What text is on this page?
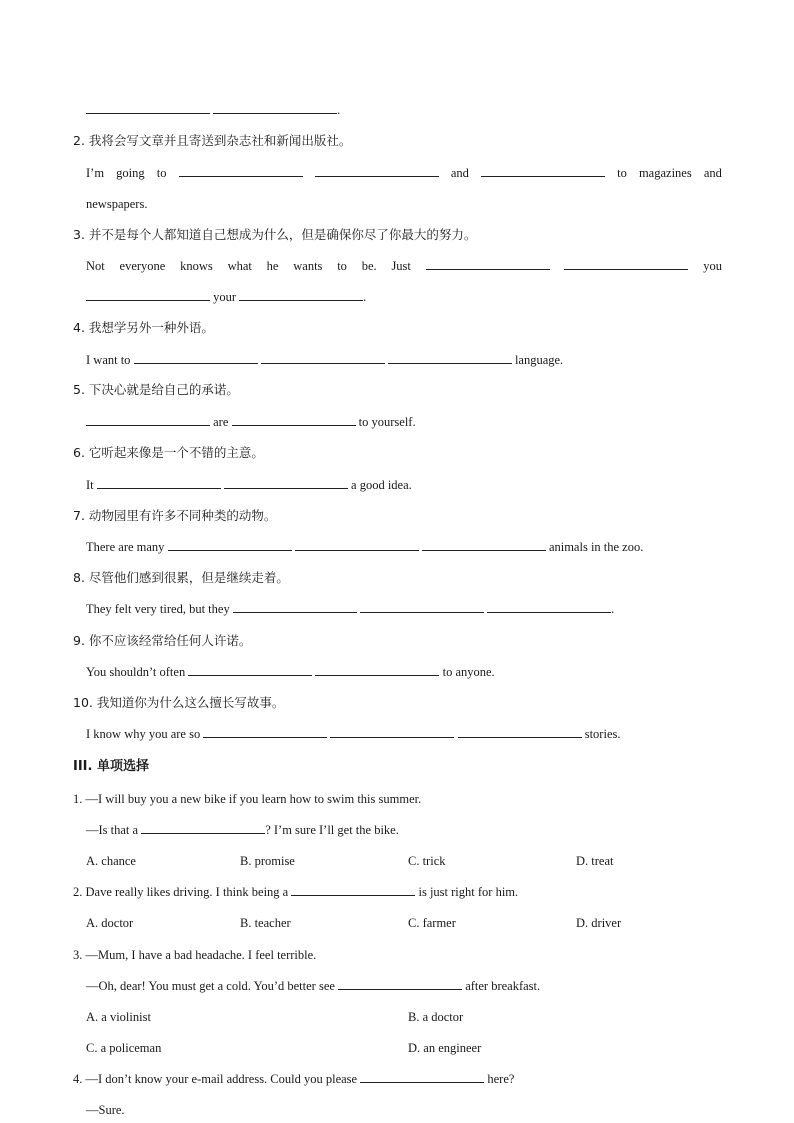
.
2. 我将会写文章并且寄送到杂志社和新闻出版社。
I’m going to	and	to magazines and
newspapers.
3. 并不是每个人都知道自己想成为什么，但是确保你尽了你最大的努力。
Not everyone knows what he wants to be. Just	you
your	.
4. 我想学另外一种外语。
I want to	language.
5. 下决心就是给自己的承诺。
are	to yourself.
6. 它听起来像是一个不错的主意。
It	a good idea.
7. 动物园里有许多不同种类的动物。
There are many	animals in the zoo.
8. 尽管他们感到很累，但是继续走着。
They felt very tired, but they	.
9. 你不应该经常给任何人许诺。
You shouldn’t often	to anyone.
10. 我知道你为什么这么擅长写故事。
I know why you are so	stories.
III. 单项选择
1. —I will buy you a new bike if you learn how to swim this summer.
—Is that a	? I’m sure I’ll get the bike.
A. chance	B. promise	C. trick	D. treat
2. Dave really likes driving. I think being a	is just right for him.
A. doctor	B. teacher	C. farmer	D. driver
3. —Mum, I have a bad headache. I feel terrible.
—Oh, dear! You must get a cold. You’d better see	after breakfast.
A. a violinist	B. a doctor
C. a policeman	D. an engineer
4. —I don’t know your e-mail address. Could you please	here?
—Sure.
